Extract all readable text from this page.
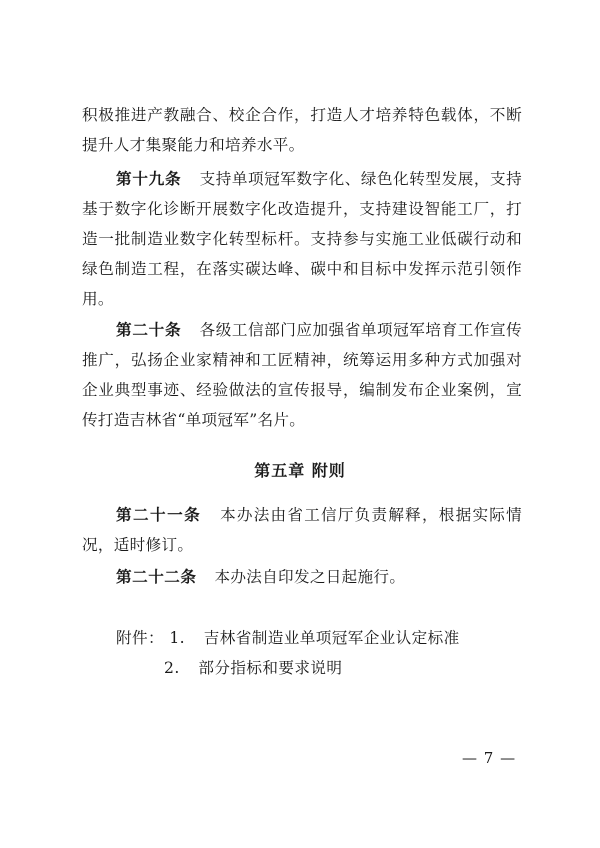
积极推进产教融合、校企合作，打造人才培养特色载体，不断提升人才集聚能力和培养水平。

第十九条 支持单项冠军数字化、绿色化转型发展，支持基于数字化诊断开展数字化改造提升，支持建设智能工厂，打造一批制造业数字化转型标杆。支持参与实施工业低碳行动和绿色制造工程，在落实碳达峰、碳中和目标中发挥示范引领作用。

第二十条 各级工信部门应加强省单项冠军培育工作宣传推广，弘扬企业家精神和工匠精神，统筹运用多种方式加强对企业典型事迹、经验做法的宣传报导，编制发布企业案例，宣传打造吉林省“单项冠军”名片。

第五章 附则

第二十一条 本办法由省工信厅负责解释，根据实际情况，适时修订。

第二十二条 本办法自印发之日起施行。

附件： 1. 吉林省制造业单项冠军企业认定标准

2. 部分指标和要求说明

— 7 —
